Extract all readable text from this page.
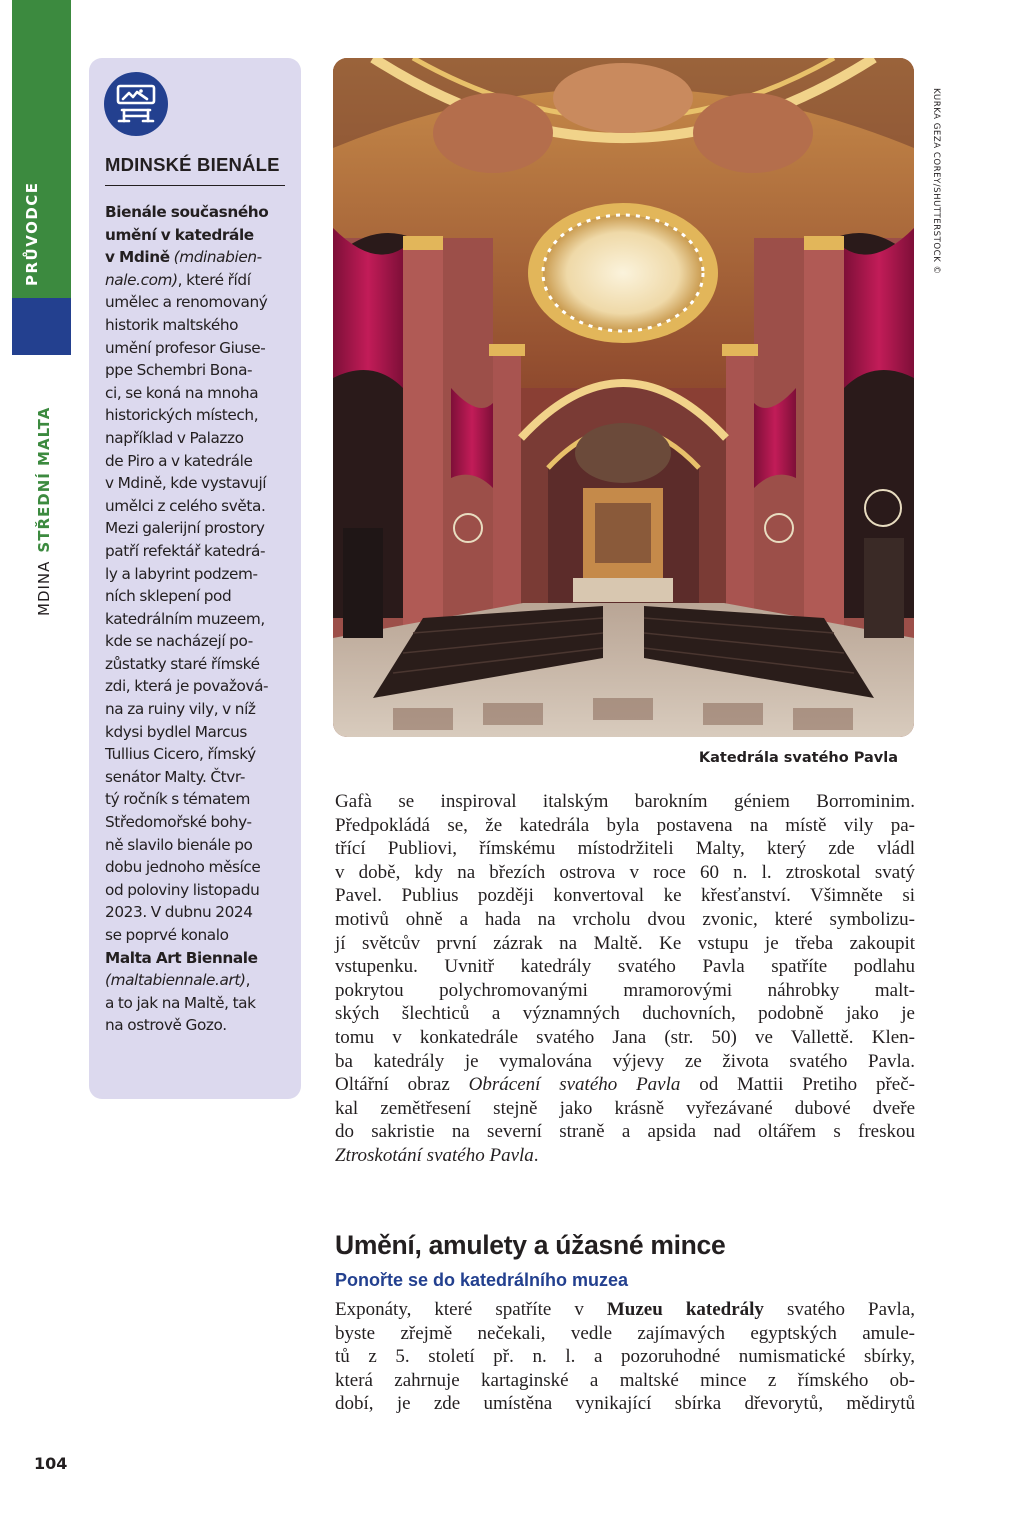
PRŮVODCE
MDINASTŘEDNÍ MALTA
MDINSKÉ BIENÁLE
Bienále současného
umění v katedrále
v Mdině (mdinabien-
nale.com), které řídí
umělec a renomovaný
historik maltského
umění profesor Giuse-
ppe Schembri Bona-
ci, se koná na mnoha
historických místech,
například v Palazzo
de Piro a v katedrále
v Mdině, kde vystavují
umělci z celého světa.
Mezi galerijní prostory
patří refektář katedrá-
ly a labyrint podzem-
ních sklepení pod
katedrálním muzeem,
kde se nacházejí po-
zůstatky staré římské
zdi, která je považová-
na za ruiny vily, v níž
kdysi bydlel Marcus
Tullius Cicero, římský
senátor Malty. Čtvr-
tý ročník s tématem
Středomořské bohy-
ně slavilo bienále po
dobu jednoho měsíce
od poloviny listopadu
2023. V dubnu 2024
se poprvé konalo
Malta Art Biennale
(maltabiennale.art),
a to jak na Maltě, tak
na ostrově Gozo.
KURKA GEZA COREY/SHUTTERSTOCK ©
Katedrála svatého Pavla
Gafà se inspiroval italským barokním géniem Borrominim.
Předpokládá se, že katedrála byla postavena na místě vily pa-
třící Publiovi, římskému místodržiteli Malty, který zde vládl
v době, kdy na březích ostrova v roce 60 n. l. ztroskotal svatý
Pavel. Publius později konvertoval ke křesťanství. Všimněte si
motivů ohně a hada na vrcholu dvou zvonic, které symbolizu-
jí světcův první zázrak na Maltě. Ke vstupu je třeba zakoupit
vstupenku. Uvnitř katedrály svatého Pavla spatříte podlahu
pokrytou polychromovanými mramorovými náhrobky malt-
ských šlechticů a významných duchovních, podobně jako je
tomu v konkatedrále svatého Jana (str. 50) ve Vallettě. Klen-
ba katedrály je vymalována výjevy ze života svatého Pavla.
Oltářní obraz Obrácení svatého Pavla od Mattii Pretiho přeč-
kal zemětřesení stejně jako krásně vyřezávané dubové dveře
do sakristie na severní straně a apsida nad oltářem s freskou
Ztroskotání svatého Pavla.
Umění, amulety a úžasné mince
Ponořte se do katedrálního muzea
Exponáty, které spatříte v Muzeu katedrály svatého Pavla,
byste zřejmě nečekali, vedle zajímavých egyptských amule-
tů z 5. století př. n. l. a pozoruhodné numismatické sbírky,
která zahrnuje kartaginské a maltské mince z římského ob-
dobí, je zde umístěna vynikající sbírka dřevorytů, mědirytů
104
